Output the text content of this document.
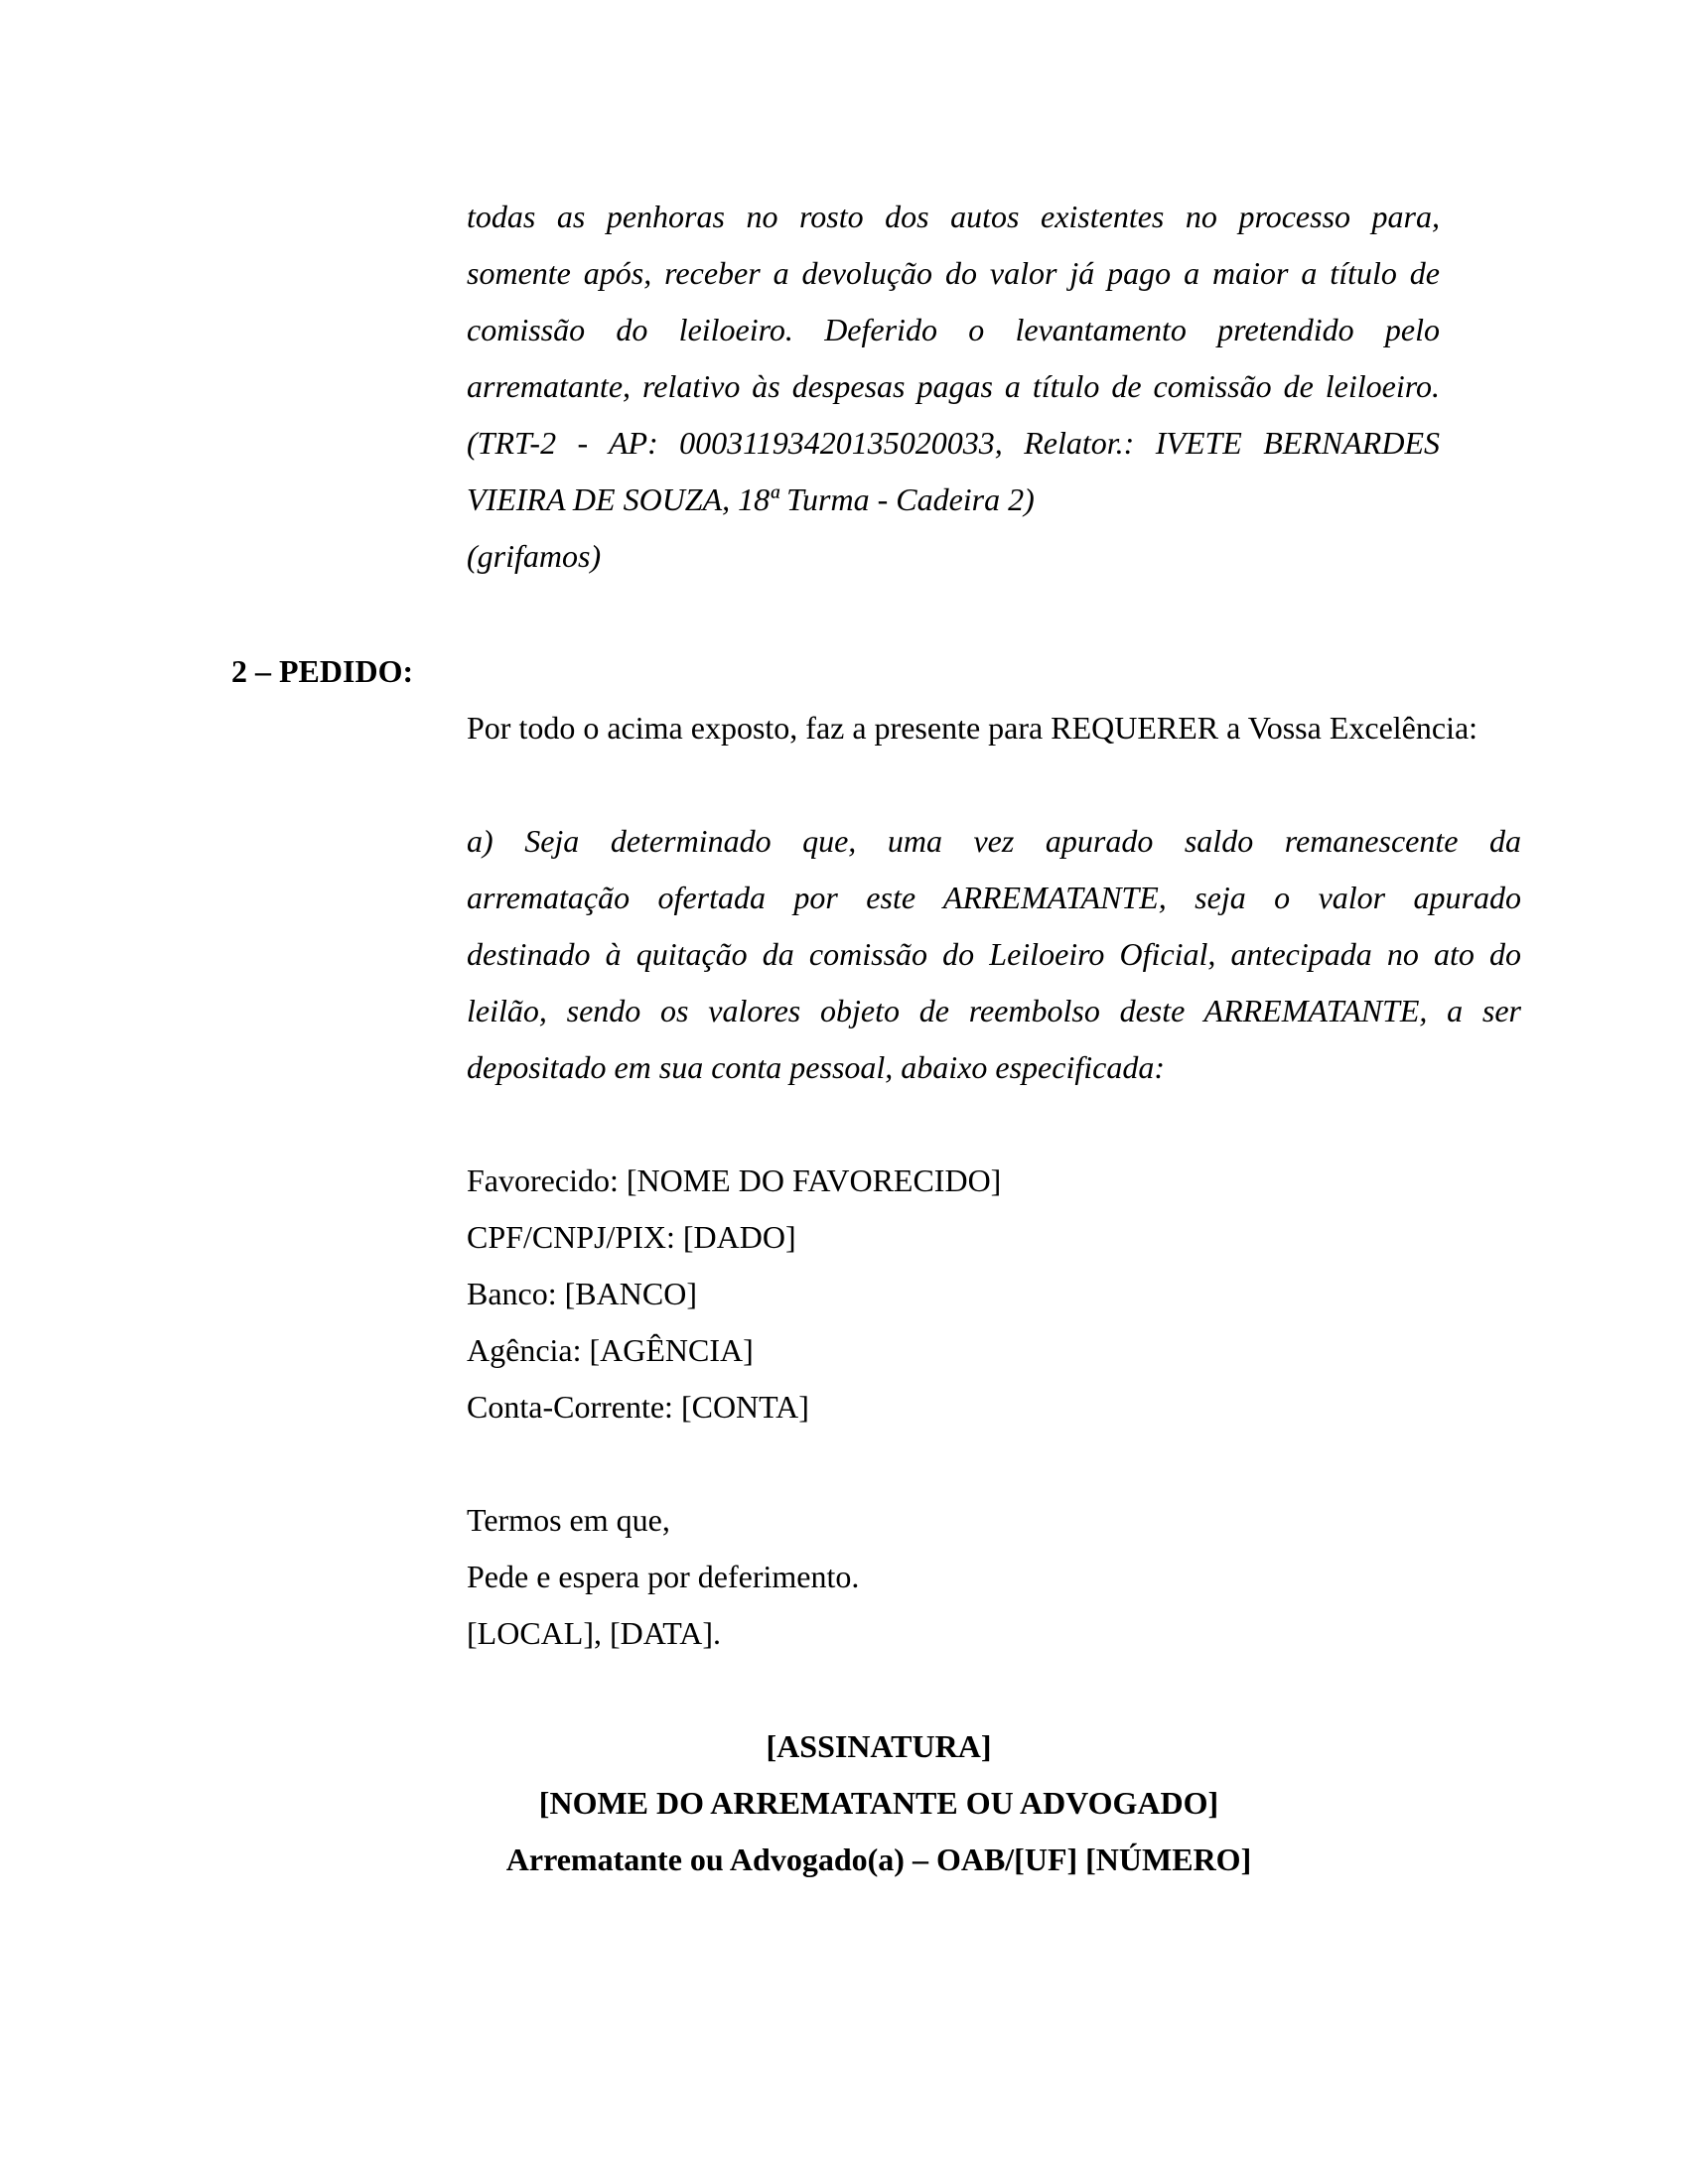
todas as penhoras no rosto dos autos existentes no processo para,
somente após, receber a devolução do valor já pago a maior a título de
comissão do leiloeiro. Deferido o levantamento pretendido pelo
arrematante, relativo às despesas pagas a título de comissão de leiloeiro.
(TRT-2 - AP: 00031193420135020033, Relator.: IVETE BERNARDES
VIEIRA DE SOUZA, 18ª Turma - Cadeira 2)
(grifamos)
2 – PEDIDO:
Por todo o acima exposto, faz a presente para REQUERER a Vossa Excelência:
a) Seja determinado que, uma vez apurado saldo remanescente da
arrematação ofertada por este ARREMATANTE, seja o valor apurado
destinado à quitação da comissão do Leiloeiro Oficial, antecipada no ato do
leilão, sendo os valores objeto de reembolso deste ARREMATANTE, a ser
depositado em sua conta pessoal, abaixo especificada:
Favorecido: [NOME DO FAVORECIDO]
CPF/CNPJ/PIX: [DADO]
Banco: [BANCO]
Agência: [AGÊNCIA]
Conta-Corrente: [CONTA]
Termos em que,
Pede e espera por deferimento.
[LOCAL], [DATA].
[ASSINATURA]
[NOME DO ARREMATANTE OU ADVOGADO]
Arrematante ou Advogado(a) – OAB/[UF] [NÚMERO]
